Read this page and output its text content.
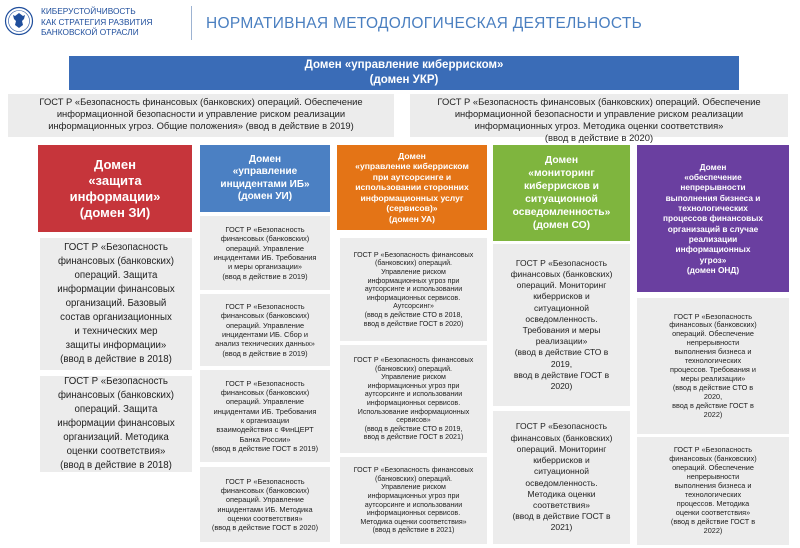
КИБЕРУСТОЙЧИВОСТЬ
КАК СТРАТЕГИЯ РАЗВИТИЯ
БАНКОВСКОЙ ОТРАСЛИ	НОРМАТИВНАЯ МЕТОДОЛОГИЧЕСКАЯ ДЕЯТЕЛЬНОСТЬ
Домен «управление киберриском»
(домен УКР)
ГОСТ Р «Безопасность финансовых (банковских) операций. Обеспечение
информационной безопасности и управление риском реализации
информационных угроз. Общие положения» (ввод в действие в 2019)
ГОСТ Р «Безопасность финансовых (банковских) операций. Обеспечение
информационной безопасности и управление риском реализации
информационных угроз. Методика оценки соответствия»
(ввод в действие в 2020)
Домен
«защита
информации»
(домен ЗИ)
Домен
«управление
инцидентами ИБ»
(домен УИ)
Домен
«управление киберриском
при аутсорсинге и
использовании сторонних
информационных услуг
(сервисов)»
(домен УА)
Домен
«мониторинг
киберрисков и
ситуационной
осведомленность»
(домен СО)
Домен
«обеспечение
непрерывности
выполнения бизнеса и
технологических
процессов финансовых
организаций в случае
реализации
информационных
угроз»
(домен ОНД)
ГОСТ Р «Безопасность
финансовых (банковских)
операций. Защита
информации финансовых
организаций. Базовый
состав организационных
и технических мер
защиты информации»
(ввод в действие в 2018)
ГОСТ Р «Безопасность
финансовых (банковских)
операций. Защита
информации финансовых
организаций. Методика
оценки соответствия»
(ввод в действие в 2018)
ГОСТ Р «Безопасность
финансовых (банковских)
операций. Управление
инцидентами ИБ. Требования
и меры организации»
(ввод в действие в 2019)
ГОСТ Р «Безопасность
финансовых (банковских)
операций. Управление
инцидентами ИБ. Сбор и
анализ технических данных»
(ввод в действие в 2019)
ГОСТ Р «Безопасность
финансовых (банковских)
операций. Управление
инцидентами ИБ. Требования
к организации
взаимодействия с ФинЦЕРТ
Банка России»
(ввод в действие ГОСТ в 2019)
ГОСТ Р «Безопасность
финансовых (банковских)
операций. Управление
инцидентами ИБ. Методика
оценки соответствия»
(ввод в действие ГОСТ в 2020)
ГОСТ Р «Безопасность финансовых
(банковских) операций.
Управление риском
информационных угроз при
аутсорсинге и использовании
информационных сервисов.
Аутсорсинг»
(ввод в действие СТО в 2018,
ввод в действие ГОСТ в 2020)
ГОСТ Р «Безопасность финансовых
(банковских) операций.
Управление риском
информационных угроз при
аутсорсинге и использовании
информационных сервисов.
Использование информационных
сервисов»
(ввод в действие СТО в 2019,
ввод в действие ГОСТ в 2021)
ГОСТ Р «Безопасность финансовых
(банковских) операций.
Управление риском
информационных угроз при
аутсорсинге и использовании
информационных сервисов.
Методика оценки соответствия»
(ввод в действие в 2021)
ГОСТ Р «Безопасность
финансовых (банковских)
операций. Мониторинг
киберрисков и
ситуационной
осведомленность.
Требования и меры
реализации»
(ввод в действие СТО в
2019,
ввод в действие ГОСТ в
2020)
ГОСТ Р «Безопасность
финансовых (банковских)
операций. Мониторинг
киберрисков и
ситуационной
осведомленность.
Методика оценки
соответствия»
(ввод в действие ГОСТ в
2021)
ГОСТ Р «Безопасность
финансовых (банковских)
операций. Обеспечение
непрерывности
выполнения бизнеса и
технологических
процессов. Требования и
меры реализации»
(ввод в действие СТО в
2020,
ввод в действие ГОСТ в
2022)
ГОСТ Р «Безопасность
финансовых (банковских)
операций. Обеспечение
непрерывности
выполнения бизнеса и
технологических
процессов. Методика
оценки соответствия»
(ввод в действие ГОСТ в
2022)
